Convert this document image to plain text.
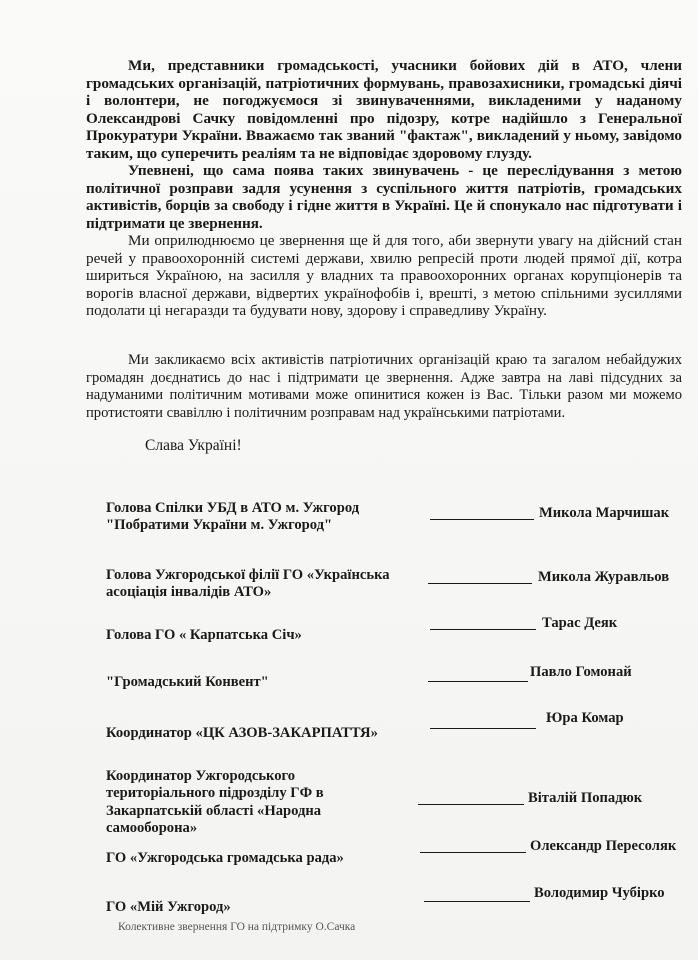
Ми, представники громадськості, учасники бойових дій в АТО, члени громадських організацій, патріотичних формувань, правозахисники, громадські діячі і волонтери, не погоджуємося зі звинуваченнями, викладеними у наданому Олександрові Сачку повідомленні про підозру, котре надійшло з Генеральної Прокуратури України. Вважаємо так званий "фактаж", викладений у ньому, завідомо таким, що суперечить реаліям та не відповідає здоровому глузду.

Упевнені, що сама поява таких звинувачень - це переслідування з метою політичної розправи задля усунення з суспільного життя патріотів, громадських активістів, борців за свободу і гідне життя в Україні. Це й спонукало нас підготувати і підтримати це звернення.

Ми оприлюднюємо це звернення ще й для того, аби звернути увагу на дійсний стан речей у правоохоронній системі держави, хвилю репресій проти людей прямої дії, котра шириться Україною, на засилля у владних та правоохоронних органах корупціонерів та ворогів власної держави, відвертих українофобів і, врешті, з метою спільними зусиллями подолати ці негаразди та будувати нову, здорову і справедливу Україну.

Ми закликаємо всіх активістів патріотичних організацій краю та загалом небайдужих громадян доєднатись до нас і підтримати це звернення. Адже завтра на лаві підсудних за надуманими політичним мотивами може опинитися кожен із Вас. Тільки разом ми можемо протистояти свавіллю і політичним розправам над українськими патріотами.

Слава Україні!

Голова Спілки УБД в АТО м. Ужгород "Побратими України м. Ужгород"

Микола Марчишак

Голова Ужгородської філії ГО «Українська асоціація інвалідів АТО»

Микола Журавльов

Голова ГО « Карпатська Січ»

Тарас Деяк

"Громадський Конвент"

Павло Гомонай

Координатор «ЦК АЗОВ-ЗАКАРПАТТЯ»

Юра Комар

Координатор Ужгородського територіального підрозділу ГФ в Закарпатській області «Народна самооборона»

Віталій Попадюк

ГО «Ужгородська громадська рада»

Олександр Пересоляк

ГО «Мій Ужгород»

Володимир Чубірко

Колективне звернення ГО на підтримку О.Сачка
